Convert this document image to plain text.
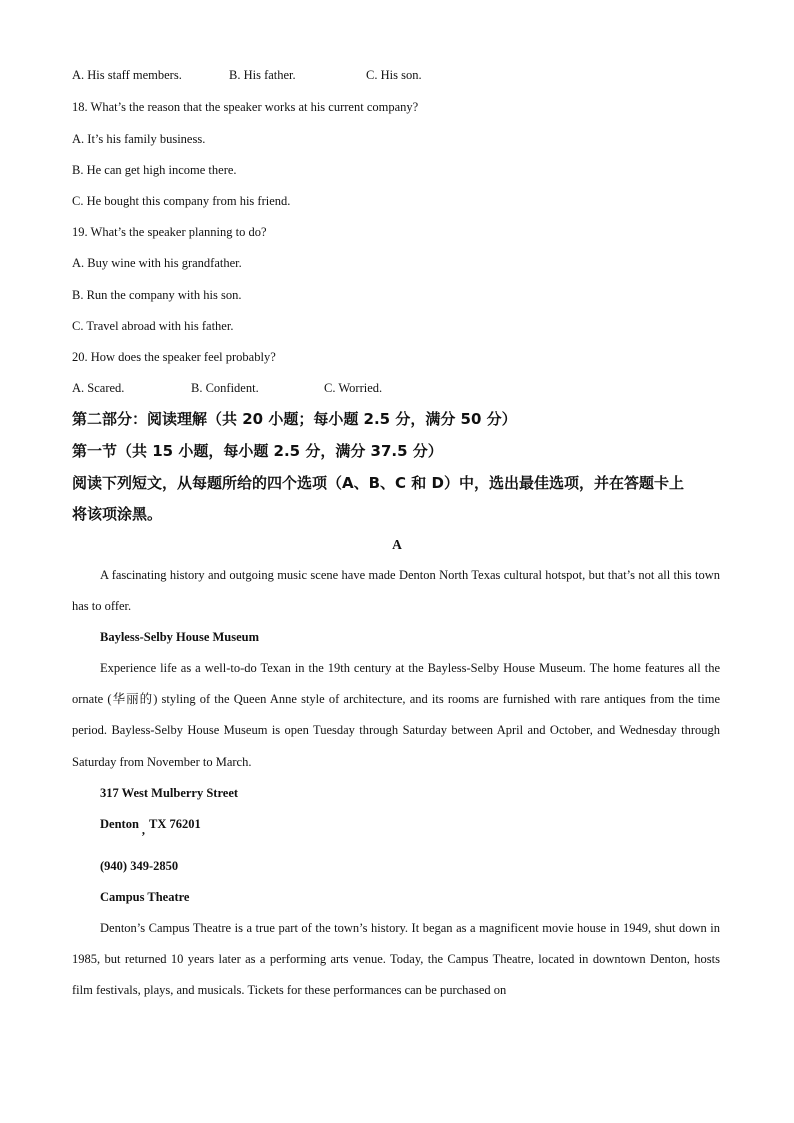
A. His staff members.	B. His father.	C. His son.
18. What’s the reason that the speaker works at his current company?
A. It’s his family business.
B. He can get high income there.
C. He bought this company from his friend.
19. What’s the speaker planning to do?
A. Buy wine with his grandfather.
B. Run the company with his son.
C. Travel abroad with his father.
20. How does the speaker feel probably?
A. Scared.	B. Confident.	C. Worried.
第二部分：阅读理解（共 20 小题；每小题 2.5 分，满分 50 分）
第一节（共 15 小题，每小题 2.5 分，满分 37.5 分）
阅读下列短文，从每题所给的四个选项（A、B、C 和 D）中，选出最佳选项，并在答题卡上
将该项涂黑。
A
A fascinating history and outgoing music scene have made Denton North Texas cultural hotspot, but that’s not all this town has to offer.
Bayless-Selby House Museum
Experience life as a well-to-do Texan in the 19th century at the Bayless-Selby House Museum. The home features all the ornate (华丽的) styling of the Queen Anne style of architecture, and its rooms are furnished with rare antiques from the time period. Bayless-Selby House Museum is open Tuesday through Saturday between April and October, and Wednesday through Saturday from November to March.
317 West Mulberry Street
Denton , TX 76201
(940) 349-2850
Campus Theatre
Denton’s Campus Theatre is a true part of the town’s history. It began as a magnificent movie house in 1949, shut down in 1985, but returned 10 years later as a performing arts venue. Today, the Campus Theatre, located in downtown Denton, hosts film festivals, plays, and musicals. Tickets for these performances can be purchased on
